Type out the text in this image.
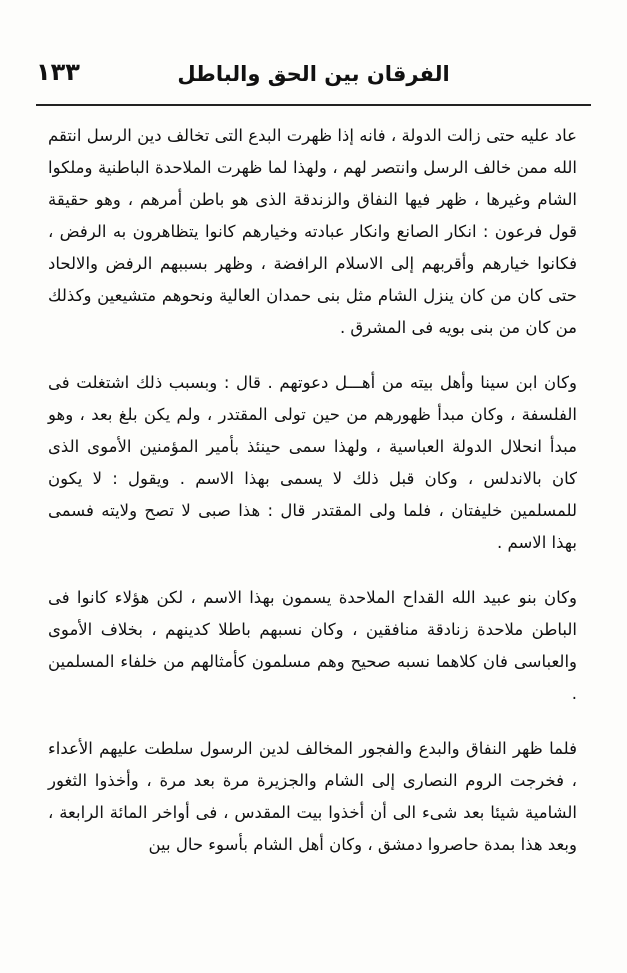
الفرقان بين الحق والباطل
١٣٣

عاد عليه حتى زالت الدولة ، فانه إذا ظهرت البدع التى تخالف دين الرسل انتقم الله ممن خالف الرسل وانتصر لهم ، ولهذا لما ظهرت الملاحدة الباطنية وملكوا الشام وغيرها ، ظهر فيها النفاق والزندقة الذى هو باطن أمرهم ، وهو حقيقة قول فرعون : انكار الصانع وانكار عبادته وخيارهم كانوا يتظاهرون به الرفض ، فكانوا خيارهم وأقربهم إلى الاسلام الرافضة ، وظهر بسببهم الرفض والالحاد حتى كان من كان ينزل الشام مثل بنى حمدان العالية ونحوهم متشيعين وكذلك من كان من بنى بويه فى المشرق .

وكان ابن سينا وأهل بيته من أهـــل دعوتهم . قال : وبسبب ذلك اشتغلت فى الفلسفة ، وكان مبدأ ظهورهم من حين تولى المقتدر ، ولم يكن بلغ بعد ، وهو مبدأ انحلال الدولة العباسية ، ولهذا سمى حينئذ بأمير المؤمنين الأموى الذى كان بالاندلس ، وكان قبل ذلك لا يسمى بهذا الاسم . ويقول : لا يكون للمسلمين خليفتان ، فلما ولى المقتدر قال : هذا صبى لا تصح ولايته فسمى بهذا الاسم .

وكان بنو عبيد الله القداح الملاحدة يسمون بهذا الاسم ، لكن هؤلاء كانوا فى الباطن ملاحدة زنادقة منافقين ، وكان نسبهم باطلا كدينهم ، بخلاف الأموى والعباسى فان كلاهما نسبه صحيح وهم مسلمون كأمثالهم من خلفاء المسلمين .

فلما ظهر النفاق والبدع والفجور المخالف لدين الرسول سلطت عليهم الأعداء ، فخرجت الروم النصارى إلى الشام والجزيرة مرة بعد مرة ، وأخذوا الثغور الشامية شيئا بعد شىء الى أن أخذوا بيت المقدس ، فى أواخر المائة الرابعة ، وبعد هذا بمدة حاصروا دمشق ، وكان أهل الشام بأسوء حال بين
